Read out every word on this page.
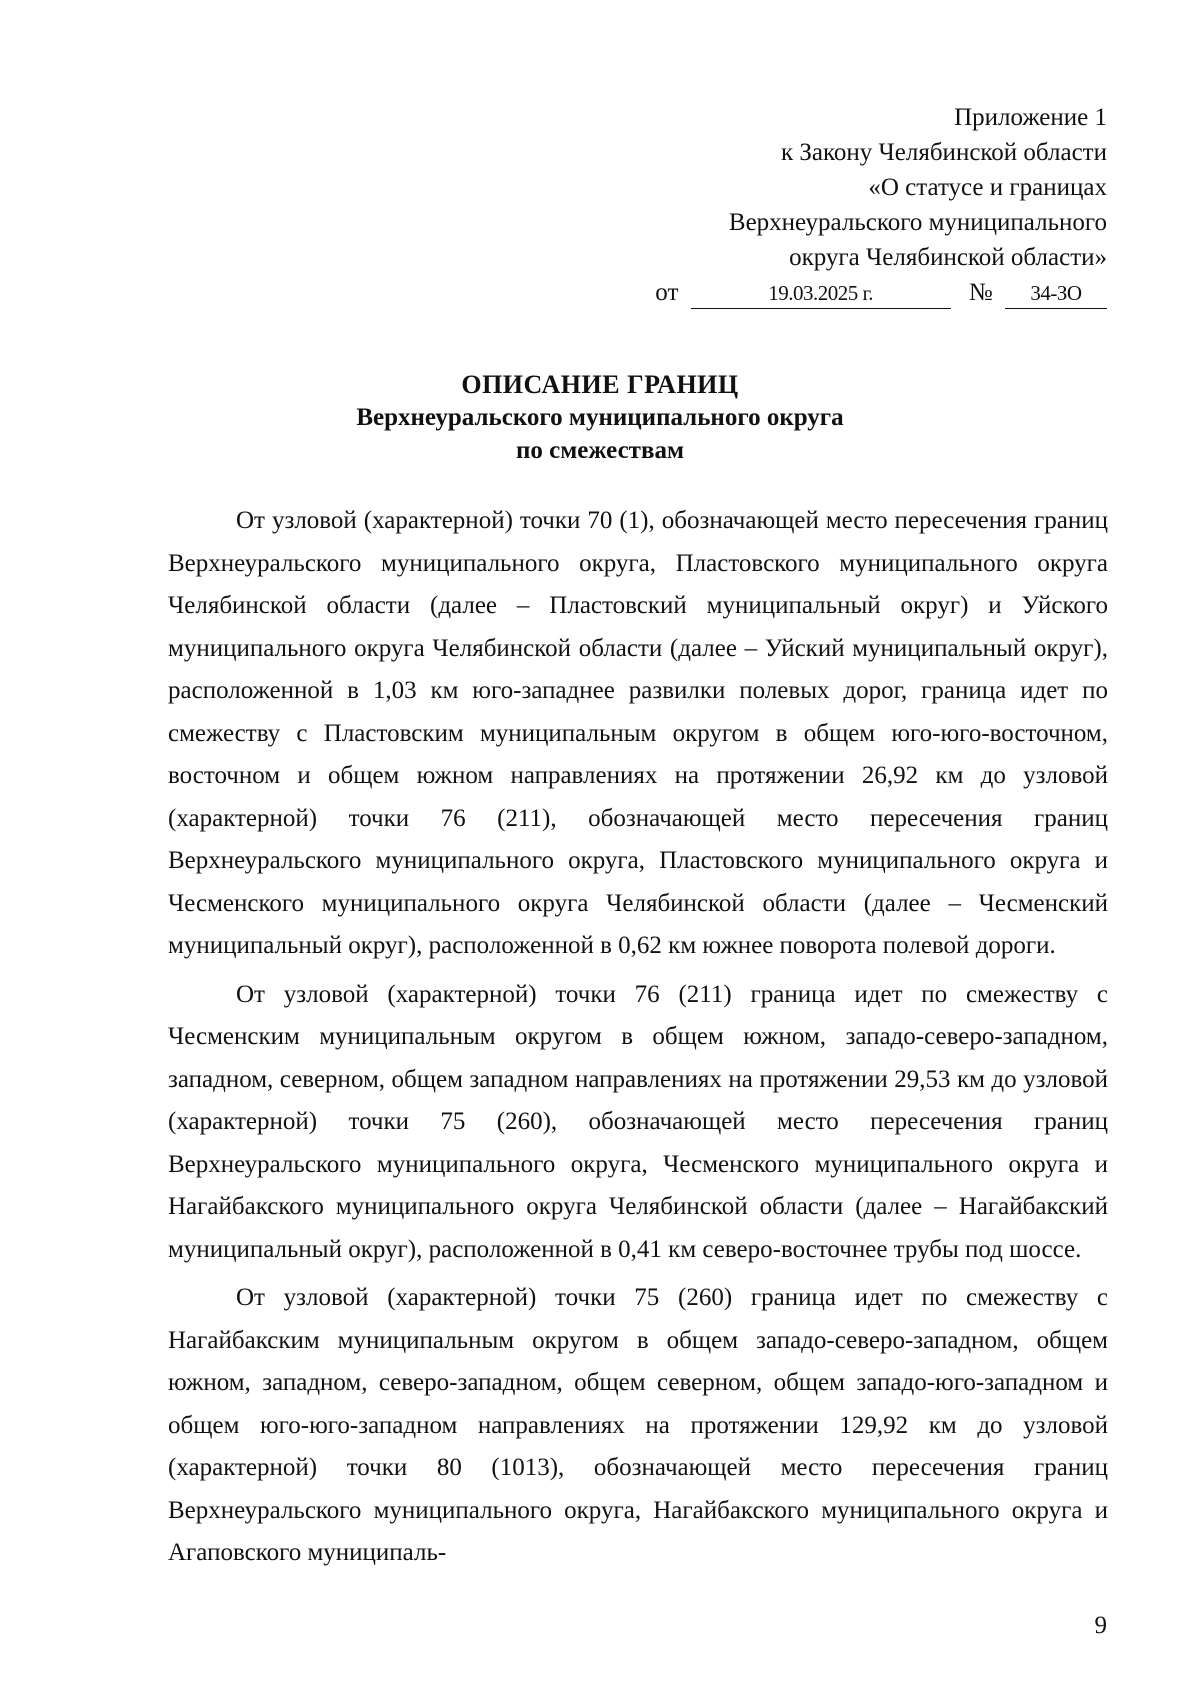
Приложение 1
к Закону Челябинской области
«О статусе и границах
Верхнеуральского муниципального
округа Челябинской области»
от	19.03.2025 г.	№ 34-ЗО
ОПИСАНИЕ ГРАНИЦ
Верхнеуральского муниципального округа
по смежествам

От узловой (характерной) точки 70 (1), обозначающей место пересечения границ Верхнеуральского муниципального округа, Пластовского муниципального округа Челябинской области (далее – Пластовский муниципальный округ) и Уйского муниципального округа Челябинской области (далее – Уйский муниципальный округ), расположенной в 1,03 км юго-западнее развилки полевых дорог, граница идет по смежеству с Пластовским муниципальным округом в общем юго-юго-восточном, восточном и общем южном направлениях на протяжении 26,92 км до узловой (характерной) точки 76 (211), обозначающей место пересечения границ Верхнеуральского муниципального округа, Пластовского муниципального округа и Чесменского муниципального округа Челябинской области (далее – Чесменский муниципальный округ), расположенной в 0,62 км южнее поворота полевой дороги.

От узловой (характерной) точки 76 (211) граница идет по смежеству с Чесменским муниципальным округом в общем южном, западо-северо-западном, западном, северном, общем западном направлениях на протяжении 29,53 км до узловой (характерной) точки 75 (260), обозначающей место пересечения границ Верхнеуральского муниципального округа, Чесменского муниципального округа и Нагайбакского муниципального округа Челябинской области (далее – Нагайбакский муниципальный округ), расположенной в 0,41 км северо-восточнее трубы под шоссе.

От узловой (характерной) точки 75 (260) граница идет по смежеству с Нагайбакским муниципальным округом в общем западо-северо-западном, общем южном, западном, северо-западном, общем северном, общем западо-юго-западном и общем юго-юго-западном направлениях на протяжении 129,92 км до узловой (характерной) точки 80 (1013), обозначающей место пересечения границ Верхнеуральского муниципального округа, Нагайбакского муниципального округа и Агаповского муниципаль-

9
